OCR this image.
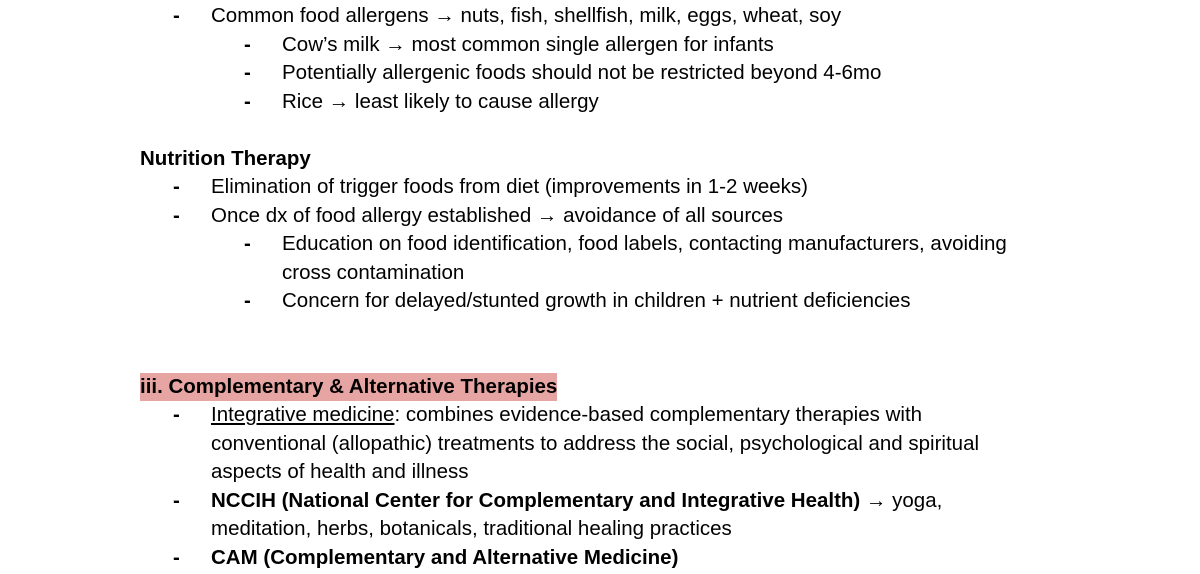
- Common food allergens → nuts, fish, shellfish, milk, eggs, wheat, soy
- Cow’s milk → most common single allergen for infants
- Potentially allergenic foods should not be restricted beyond 4-6mo
- Rice → least likely to cause allergy
Nutrition Therapy
- Elimination of trigger foods from diet (improvements in 1-2 weeks)
- Once dx of food allergy established → avoidance of all sources
- Education on food identification, food labels, contacting manufacturers, avoiding
cross contamination
- Concern for delayed/stunted growth in children + nutrient deficiencies
iii. Complementary & Alternative Therapies
- Integrative medicine: combines evidence-based complementary therapies with
conventional (allopathic) treatments to address the social, psychological and spiritual
aspects of health and illness
- NCCIH (National Center for Complementary and Integrative Health) → yoga,
meditation, herbs, botanicals, traditional healing practices
- CAM (Complementary and Alternative Medicine)
